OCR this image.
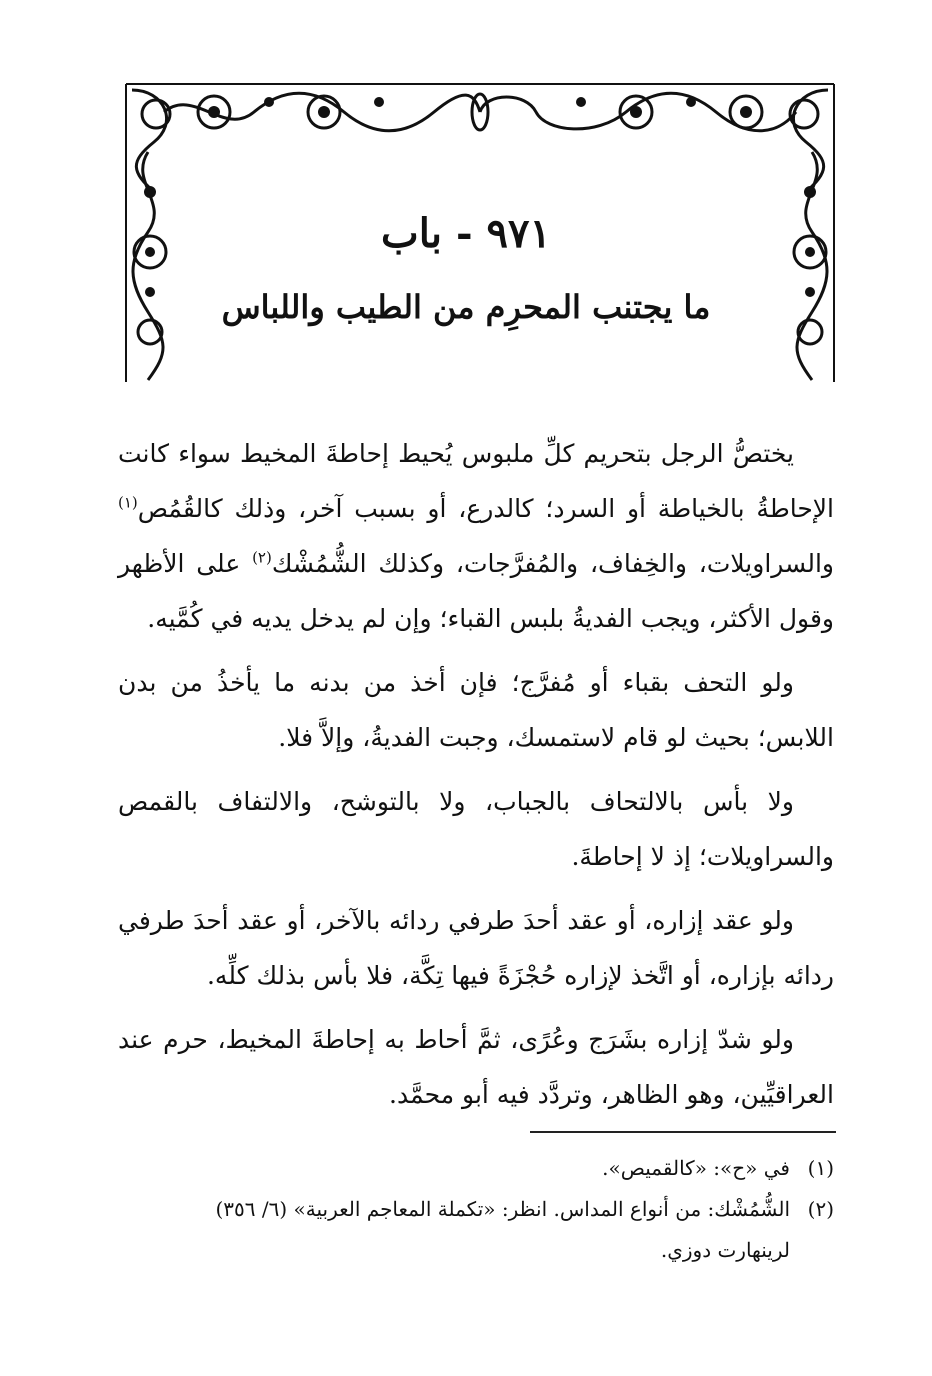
٩٧١ - باب
ما يجتنب المحرِم من الطيب واللباس

يختصُّ الرجل بتحريم كلِّ ملبوس يُحيط إحاطةَ المخيط سواء كانت الإحاطةُ بالخياطة أو السرد؛ كالدرع، أو بسبب آخر، وذلك كالقُمُص$^{(١)}$ والسراويلات، والخِفاف، والمُفرَّجات، وكذلك الشُّمُشْك$^{(٢)}$ على الأظهر وقول الأكثر، ويجب الفديةُ بلبس القباء؛ وإن لم يدخل يديه في كُمَّيه.

ولو التحف بقباء أو مُفرَّج؛ فإن أخذ من بدنه ما يأخذُ من بدن اللابس؛ بحيث لو قام لاستمسك، وجبت الفديةُ، وإلاَّ فلا.

ولا بأس بالالتحاف بالجباب، ولا بالتوشح، والالتفاف بالقمص والسراويلات؛ إذ لا إحاطةَ.

ولو عقد إزاره، أو عقد أحدَ طرفي ردائه بالآخر، أو عقد أحدَ طرفي ردائه بإزاره، أو اتَّخذ لإزاره حُجْزَةً فيها تِكَّة، فلا بأس بذلك كلِّه.

ولو شدّ إزاره بشَرَج وعُرًى، ثمَّ أحاط به إحاطةَ المخيط، حرم عند العراقيِّين، وهو الظاهر، وتردَّد فيه أبو محمَّد.

(١)في «ح»: «كالقميص».
(٢)الشُّمُشْك: من أنواع المداس. انظر: «تكملة المعاجم العربية» (٦/ ٣٥٦)
لرينهارت دوزي.
